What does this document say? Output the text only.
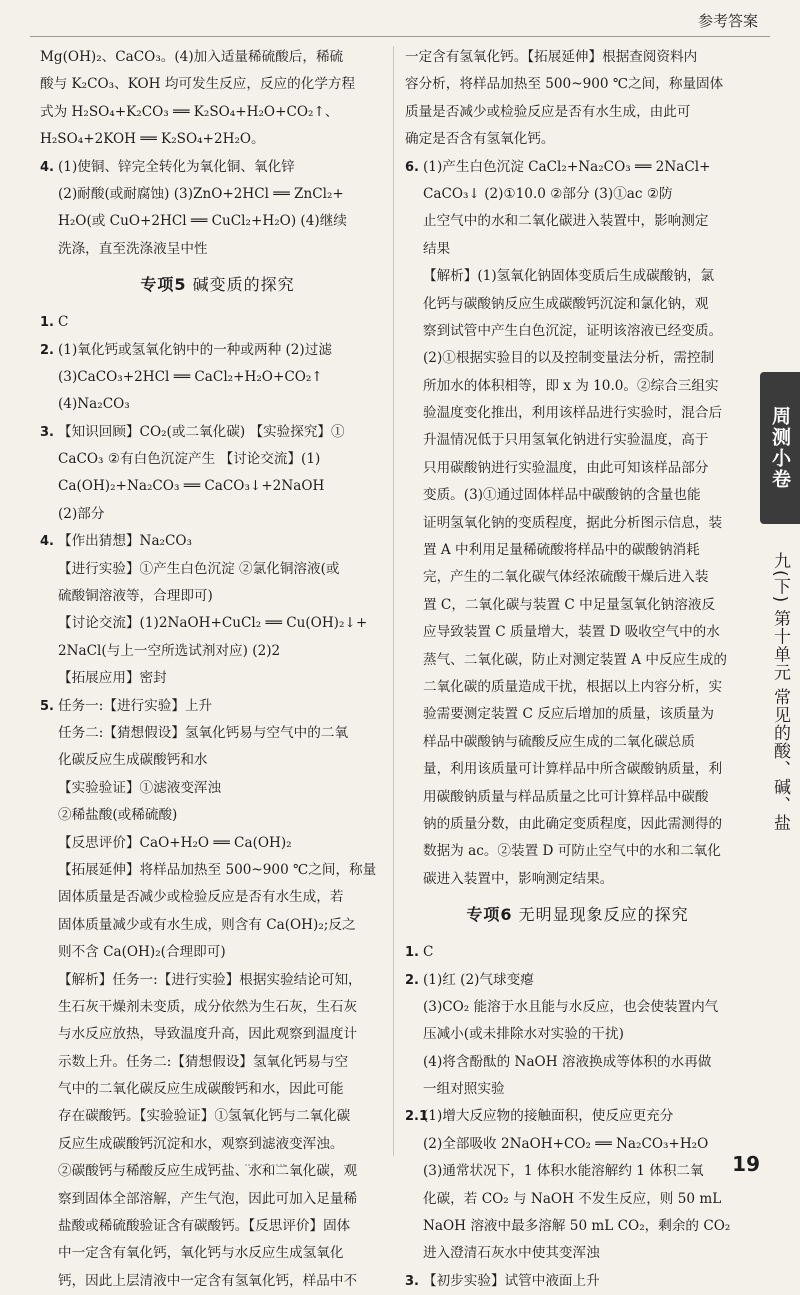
参考答案
Mg(OH)₂、CaCO₃。(4)加入适量稀硫酸后，稀硫
酸与 K₂CO₃、KOH 均可发生反应，反应的化学方程
式为 H₂SO₄+K₂CO₃ ══ K₂SO₄+H₂O+CO₂↑、
H₂SO₄+2KOH ══ K₂SO₄+2H₂O。
4. (1)使铜、锌完全转化为氧化铜、氧化锌
(2)耐酸(或耐腐蚀) (3)ZnO+2HCl ══ ZnCl₂+
H₂O(或 CuO+2HCl ══ CuCl₂+H₂O) (4)继续
洗涤，直至洗涤液呈中性
专项5 碱变质的探究
1. C
2. (1)氧化钙或氢氧化钠中的一种或两种 (2)过滤
(3)CaCO₃+2HCl ══ CaCl₂+H₂O+CO₂↑
(4)Na₂CO₃
3. 【知识回顾】CO₂(或二氧化碳) 【实验探究】①
CaCO₃ ②有白色沉淀产生 【讨论交流】(1)
Ca(OH)₂+Na₂CO₃ ══ CaCO₃↓+2NaOH
(2)部分
4. 【作出猜想】Na₂CO₃
【进行实验】①产生白色沉淀 ②氯化铜溶液(或
硫酸铜溶液等，合理即可)
【讨论交流】(1)2NaOH+CuCl₂ ══ Cu(OH)₂↓+
2NaCl(与上一空所选试剂对应) (2)2
【拓展应用】密封
5. 任务一:【进行实验】上升
任务二:【猜想假设】氢氧化钙易与空气中的二氧
化碳反应生成碳酸钙和水
【实验验证】①滤液变浑浊
②稀盐酸(或稀硫酸)
【反思评价】CaO+H₂O ══ Ca(OH)₂
【拓展延伸】将样品加热至 500~900 ℃之间，称量
固体质量是否减少或检验反应是否有水生成，若
固体质量减少或有水生成，则含有 Ca(OH)₂;反之
则不含 Ca(OH)₂(合理即可)
【解析】任务一:【进行实验】根据实验结论可知，
生石灰干燥剂未变质，成分依然为生石灰，生石灰
与水反应放热，导致温度升高，因此观察到温度计
示数上升。任务二:【猜想假设】氢氧化钙易与空
气中的二氧化碳反应生成碳酸钙和水，因此可能
存在碳酸钙。【实验验证】①氢氧化钙与二氧化碳
反应生成碳酸钙沉淀和水，观察到滤液变浑浊。
②碳酸钙与稀酸反应生成钙盐、水和二氧化碳，观
察到固体全部溶解，产生气泡，因此可加入足量稀
盐酸或稀硫酸验证含有碳酸钙。【反思评价】固体
中一定含有氧化钙，氧化钙与水反应生成氢氧化
钙，因此上层清液中一定含有氢氧化钙，样品中不
一定含有氢氧化钙。【拓展延伸】根据查阅资料内
容分析，将样品加热至 500~900 ℃之间，称量固体
质量是否减少或检验反应是否有水生成，由此可
确定是否含有氢氧化钙。
6. (1)产生白色沉淀 CaCl₂+Na₂CO₃ ══ 2NaCl+
CaCO₃↓ (2)①10.0 ②部分 (3)①ac ②防
止空气中的水和二氧化碳进入装置中，影响测定
结果
【解析】(1)氢氧化钠固体变质后生成碳酸钠，氯
化钙与碳酸钠反应生成碳酸钙沉淀和氯化钠，观
察到试管中产生白色沉淀，证明该溶液已经变质。
(2)①根据实验目的以及控制变量法分析，需控制
所加水的体积相等，即 x 为 10.0。②综合三组实
验温度变化推出，利用该样品进行实验时，混合后
升温情况低于只用氢氧化钠进行实验温度，高于
只用碳酸钠进行实验温度，由此可知该样品部分
变质。(3)①通过固体样品中碳酸钠的含量也能
证明氢氧化钠的变质程度，据此分析图示信息，装
置 A 中利用足量稀硫酸将样品中的碳酸钠消耗
完，产生的二氧化碳气体经浓硫酸干燥后进入装
置 C，二氧化碳与装置 C 中足量氢氧化钠溶液反
应导致装置 C 质量增大，装置 D 吸收空气中的水
蒸气、二氧化碳，防止对测定装置 A 中反应生成的
二氧化碳的质量造成干扰，根据以上内容分析，实
验需要测定装置 C 反应后增加的质量，该质量为
样品中碳酸钠与硫酸反应生成的二氧化碳总质
量，利用该质量可计算样品中所含碳酸钠质量，利
用碳酸钠质量与样品质量之比可计算样品中碳酸
钠的质量分数，由此确定变质程度，因此需测得的
数据为 ac。②装置 D 可防止空气中的水和二氧化
碳进入装置中，影响测定结果。
专项6 无明显现象反应的探究
1. C
2. (1)红 (2)气球变瘪
(3)CO₂ 能溶于水且能与水反应，也会使装置内气
压减小(或未排除水对实验的干扰)
(4)将含酚酞的 NaOH 溶液换成等体积的水再做
一组对照实验
2.1(1)增大反应物的接触面积，使反应更充分
(2)全部吸收 2NaOH+CO₂ ══ Na₂CO₃+H₂O
(3)通常状况下，1 体积水能溶解约 1 体积二氧
化碳，若 CO₂ 与 NaOH 不发生反应，则 50 mL
NaOH 溶液中最多溶解 50 mL CO₂，剩余的 CO₂
进入澄清石灰水中使其变浑浊
3. 【初步实验】试管中液面上升
周测小卷
九(下) 第十单元 常见的酸、碱、盐
19
